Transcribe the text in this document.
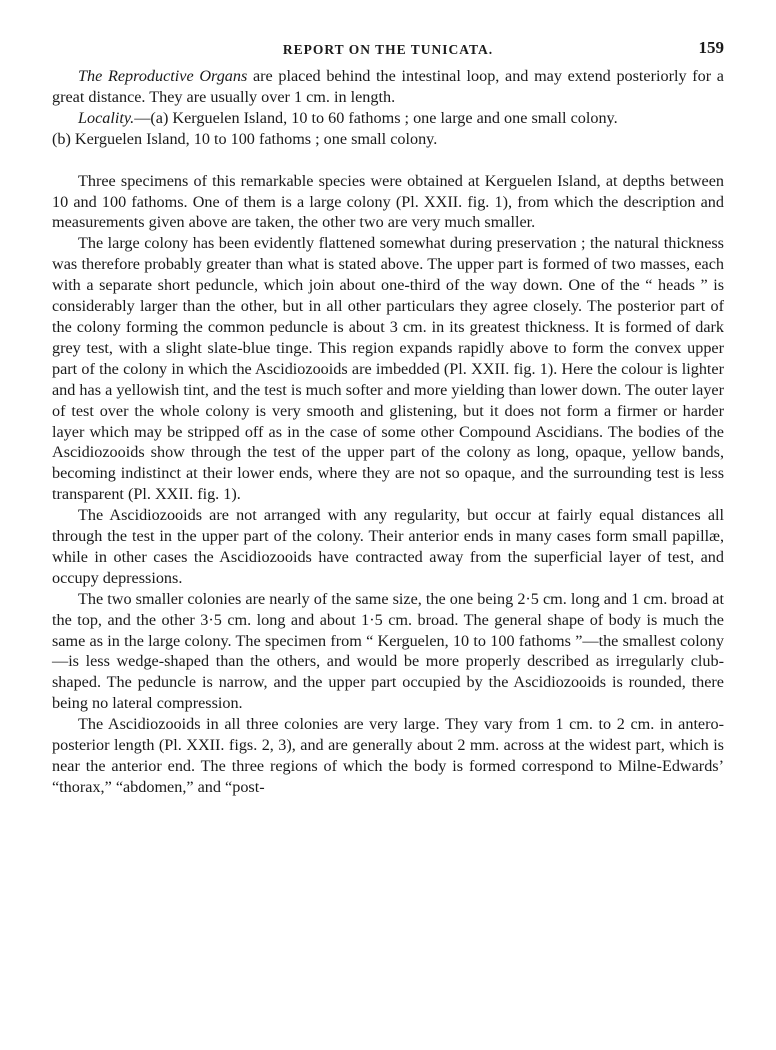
REPORT ON THE TUNICATA.	159

The Reproductive Organs are placed behind the intestinal loop, and may extend posteriorly for a great distance. They are usually over 1 cm. in length.

Locality.—(a) Kerguelen Island, 10 to 60 fathoms ; one large and one small colony.

(b) Kerguelen Island, 10 to 100 fathoms ; one small colony.

Three specimens of this remarkable species were obtained at Kerguelen Island, at depths between 10 and 100 fathoms. One of them is a large colony (Pl. XXII. fig. 1), from which the description and measurements given above are taken, the other two are very much smaller.

The large colony has been evidently flattened somewhat during preservation ; the natural thickness was therefore probably greater than what is stated above. The upper part is formed of two masses, each with a separate short peduncle, which join about one-third of the way down. One of the “ heads ” is considerably larger than the other, but in all other particulars they agree closely. The posterior part of the colony forming the common peduncle is about 3 cm. in its greatest thickness. It is formed of dark grey test, with a slight slate-blue tinge. This region expands rapidly above to form the convex upper part of the colony in which the Ascidiozooids are imbedded (Pl. XXII. fig. 1). Here the colour is lighter and has a yellowish tint, and the test is much softer and more yielding than lower down. The outer layer of test over the whole colony is very smooth and glistening, but it does not form a firmer or harder layer which may be stripped off as in the case of some other Compound Ascidians. The bodies of the Ascidiozooids show through the test of the upper part of the colony as long, opaque, yellow bands, becoming indistinct at their lower ends, where they are not so opaque, and the surrounding test is less transparent (Pl. XXII. fig. 1).

The Ascidiozooids are not arranged with any regularity, but occur at fairly equal distances all through the test in the upper part of the colony. Their anterior ends in many cases form small papillæ, while in other cases the Ascidiozooids have contracted away from the superficial layer of test, and occupy depressions.

The two smaller colonies are nearly of the same size, the one being 2·5 cm. long and 1 cm. broad at the top, and the other 3·5 cm. long and about 1·5 cm. broad. The general shape of body is much the same as in the large colony. The specimen from “ Kerguelen, 10 to 100 fathoms ”—the smallest colony—is less wedge-shaped than the others, and would be more properly described as irregularly club-shaped. The peduncle is narrow, and the upper part occupied by the Ascidiozooids is rounded, there being no lateral compression.

The Ascidiozooids in all three colonies are very large. They vary from 1 cm. to 2 cm. in antero-posterior length (Pl. XXII. figs. 2, 3), and are generally about 2 mm. across at the widest part, which is near the anterior end. The three regions of which the body is formed correspond to Milne-Edwards’ “thorax,” “abdomen,” and “post-
